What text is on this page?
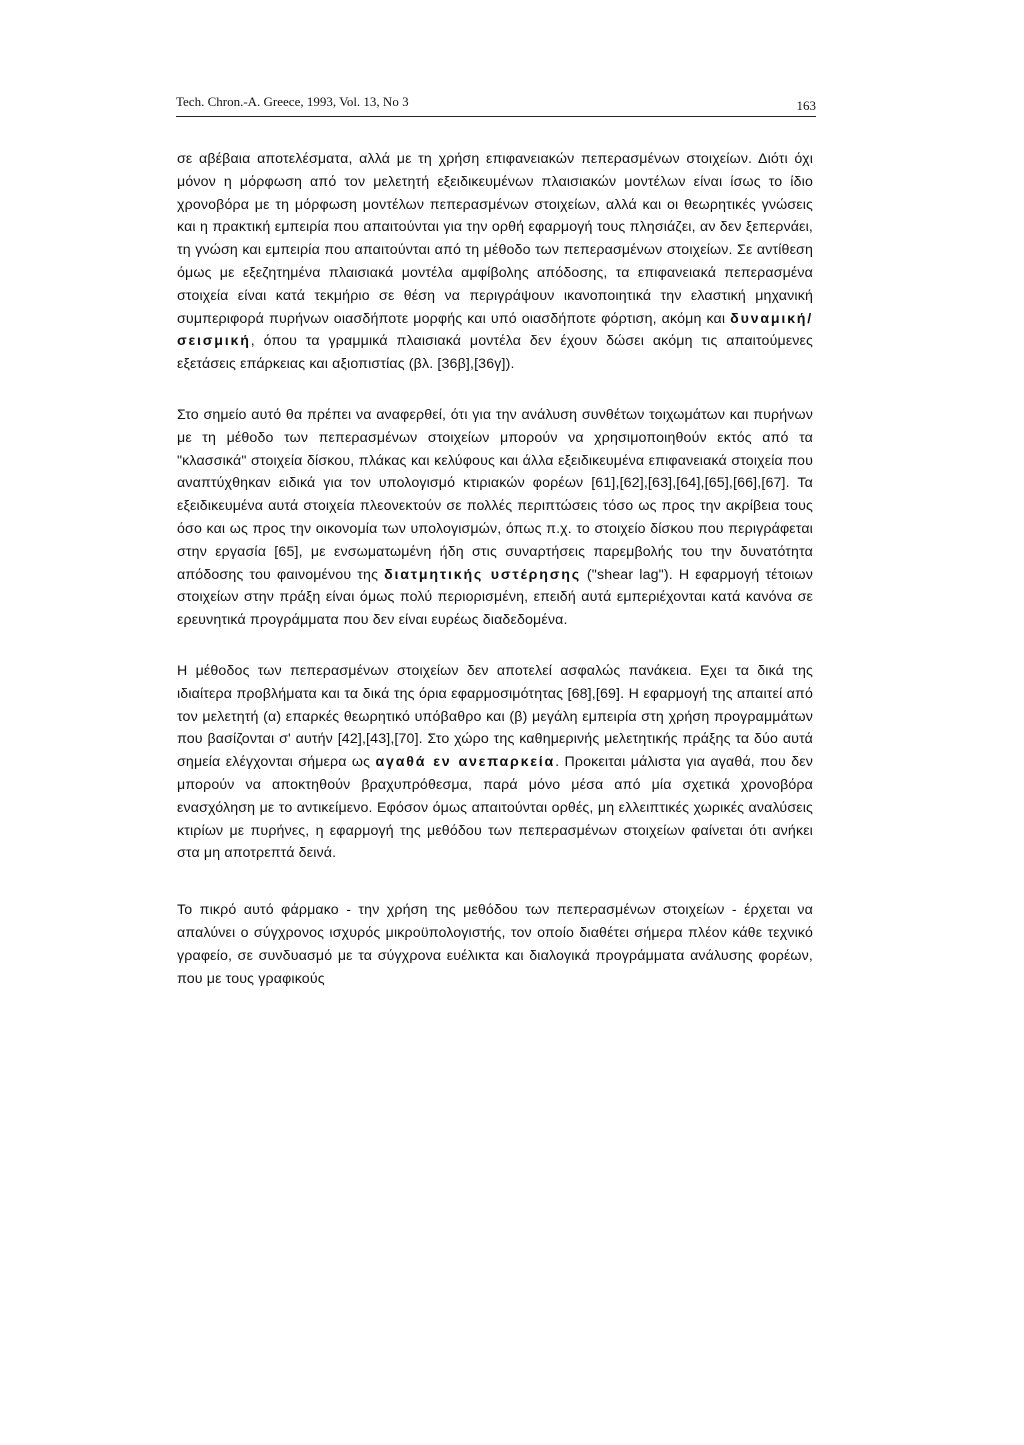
Tech. Chron.-A. Greece, 1993, Vol. 13, No 3	163

σε αβέβαια αποτελέσματα, αλλά με τη χρήση επιφανειακών πεπερασμένων στοιχείων. Διότι όχι μόνον η μόρφωση από τον μελετητή εξειδικευμένων πλαισιακών μοντέλων είναι ίσως το ίδιο χρονοβόρα με τη μόρφωση μοντέλων πεπερασμένων στοιχείων, αλλά και οι θεωρητικές γνώσεις και η πρακτική εμπειρία που απαιτούνται για την ορθή εφαρμογή τους πλησιάζει, αν δεν ξεπερνάει, τη γνώση και εμπειρία που απαιτούνται από τη μέθοδο των πεπερασμένων στοιχείων. Σε αντίθεση όμως με εξεζητημένα πλαισιακά μοντέλα αμφίβολης απόδοσης, τα επιφανειακά πεπερασμένα στοιχεία είναι κατά τεκμήριο σε θέση να περιγράψουν ικανοποιητικά την ελαστική μηχανική συμπεριφορά πυρήνων οιασδήποτε μορφής και υπό οιασδήποτε φόρτιση, ακόμη και δυναμική/σεισμική, όπου τα γραμμικά πλαισιακά μοντέλα δεν έχουν δώσει ακόμη τις απαιτούμενες εξετάσεις επάρκειας και αξιοπιστίας (βλ. [36β],[36γ]).

Στο σημείο αυτό θα πρέπει να αναφερθεί, ότι για την ανάλυση συνθέτων τοιχωμάτων και πυρήνων με τη μέθοδο των πεπερασμένων στοιχείων μπορούν να χρησιμοποιηθούν εκτός από τα "κλασσικά" στοιχεία δίσκου, πλάκας και κελύφους και άλλα εξειδικευμένα επιφανειακά στοιχεία που αναπτύχθηκαν ειδικά για τον υπολογισμό κτιριακών φορέων [61],[62],[63],[64],[65],[66],[67]. Τα εξειδικευμένα αυτά στοιχεία πλεονεκτούν σε πολλές περιπτώσεις τόσο ως προς την ακρίβεια τους όσο και ως προς την οικονομία των υπολογισμών, όπως π.χ. το στοιχείο δίσκου που περιγράφεται στην εργασία [65], με ενσωματωμένη ήδη στις συναρτήσεις παρεμβολής του την δυνατότητα απόδοσης του φαινομένου της διατμητικής υστέρησης ("shear lag"). Η εφαρμογή τέτοιων στοιχείων στην πράξη είναι όμως πολύ περιορισμένη, επειδή αυτά εμπεριέχονται κατά κανόνα σε ερευνητικά προγράμματα που δεν είναι ευρέως διαδεδομένα.

Η μέθοδος των πεπερασμένων στοιχείων δεν αποτελεί ασφαλώς πανάκεια. Εχει τα δικά της ιδιαίτερα προβλήματα και τα δικά της όρια εφαρμοσιμότητας [68],[69]. Η εφαρμογή της απαιτεί από τον μελετητή (α) επαρκές θεωρητικό υπόβαθρο και (β) μεγάλη εμπειρία στη χρήση προγραμμάτων που βασίζονται σ' αυτήν [42],[43],[70]. Στο χώρο της καθημερινής μελετητικής πράξης τα δύο αυτά σημεία ελέγχονται σήμερα ως αγαθά εν ανεπαρκεία. Προκειται μάλιστα για αγαθά, που δεν μπορούν να αποκτηθούν βραχυπρόθεσμα, παρά μόνο μέσα από μία σχετικά χρονοβόρα ενασχόληση με το αντικείμενο. Εφόσον όμως απαιτούνται ορθές, μη ελλειπτικές χωρικές αναλύσεις κτιρίων με πυρήνες, η εφαρμογή της μεθόδου των πεπερασμένων στοιχείων φαίνεται ότι ανήκει στα μη αποτρεπτά δεινά.

Το πικρό αυτό φάρμακο - την χρήση της μεθόδου των πεπερασμένων στοιχείων - έρχεται να απαλύνει ο σύγχρονος ισχυρός μικροϋπολογιστής, τον οποίο διαθέτει σήμερα πλέον κάθε τεχνικό γραφείο, σε συνδυασμό με τα σύγχρονα ευέλικτα και διαλογικά προγράμματα ανάλυσης φορέων, που με τους γραφικούς
